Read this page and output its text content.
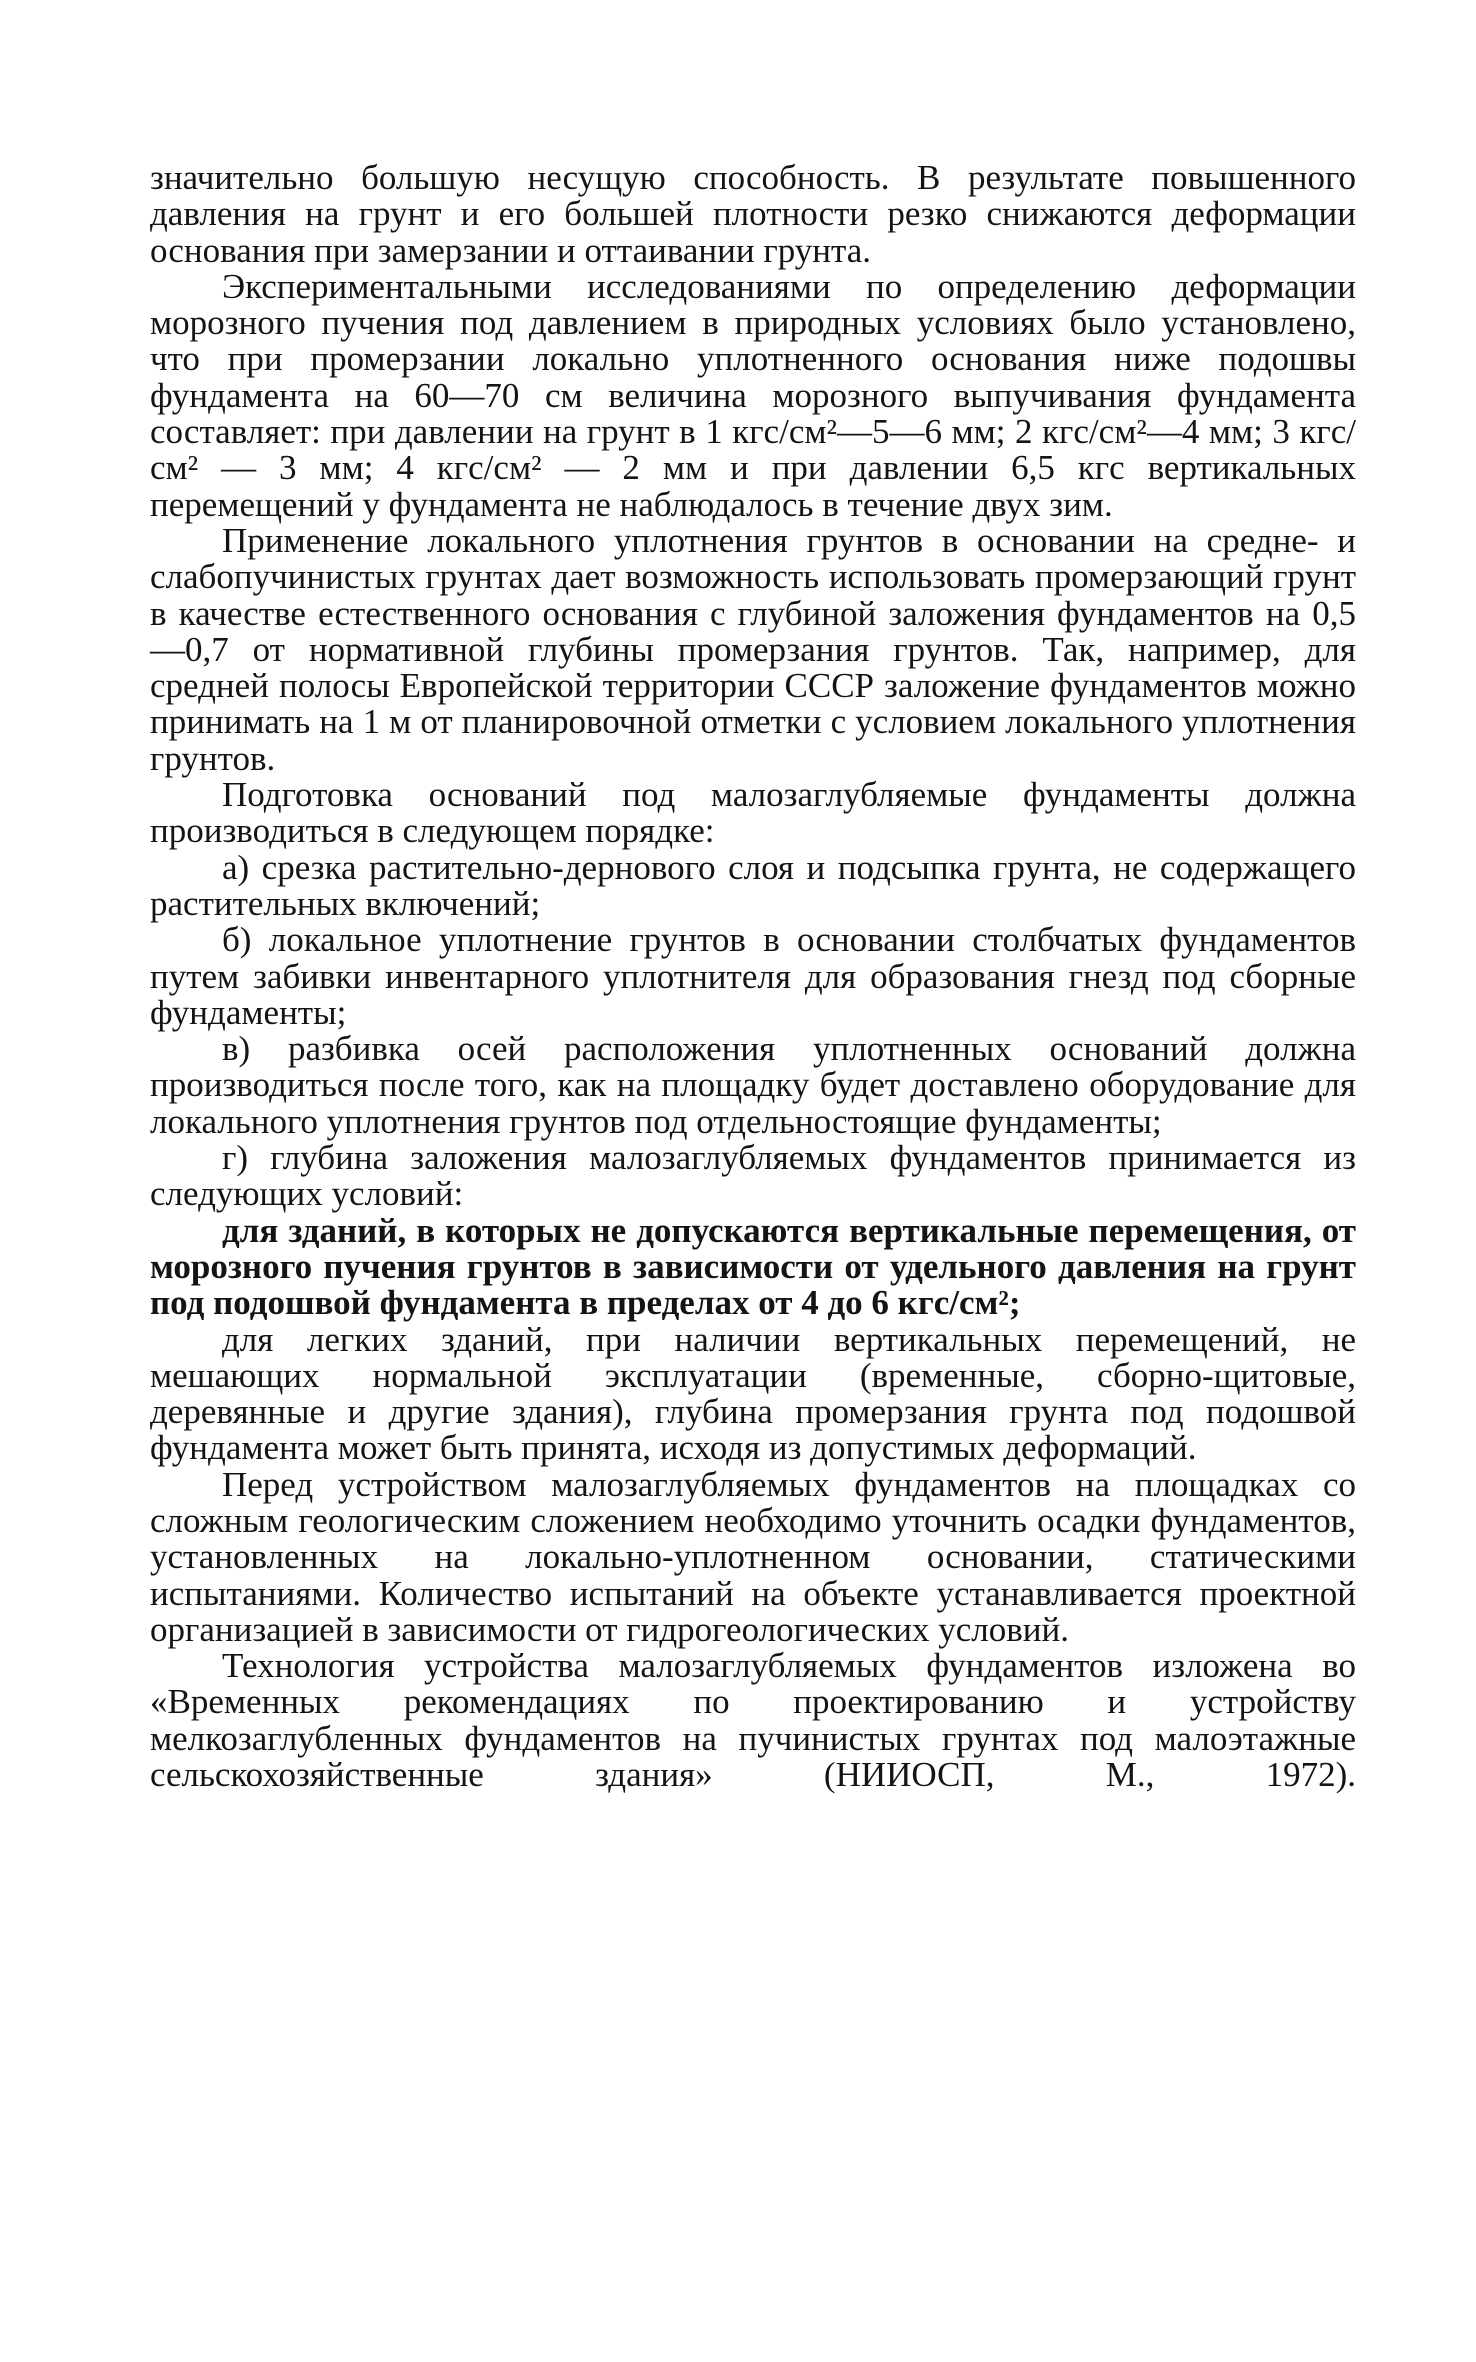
значительно большую несущую способность. В результате повышенного давления на грунт и его большей плотности резко снижаются деформации основания при замерзании и оттаивании грунта.

Экспериментальными исследованиями по определению деформации морозного пучения под давлением в природных условиях было установлено, что при промерзании локально уплотненного основания ниже подошвы фундамента на 60—70 см величина морозного выпучивания фундамента составляет: при давлении на грунт в 1 кгс/см²—5—6 мм; 2 кгс/см²—4 мм; 3 кгс/см² — 3 мм; 4 кгс/см² — 2 мм и при давлении 6,5 кгс вертикальных перемещений у фундамента не наблюдалось в течение двух зим.

Применение локального уплотнения грунтов в основании на средне- и слабопучинистых грунтах дает возможность использовать промерзающий грунт в качестве естественного основания с глубиной заложения фундаментов на 0,5—0,7 от нормативной глубины промерзания грунтов. Так, например, для средней полосы Европейской территории СССР заложение фундаментов можно принимать на 1 м от планировочной отметки с условием локального уплотнения грунтов.

Подготовка оснований под малозаглубляемые фундаменты должна производиться в следующем порядке:

а) срезка растительно-дернового слоя и подсыпка грунта, не содержащего растительных включений;

б) локальное уплотнение грунтов в основании столбчатых фундаментов путем забивки инвентарного уплотнителя для образования гнезд под сборные фундаменты;

в) разбивка осей расположения уплотненных оснований должна производиться после того, как на площадку будет доставлено оборудование для локального уплотнения грунтов под отдельностоящие фундаменты;

г) глубина заложения малозаглубляемых фундаментов принимается из следующих условий:

для зданий, в которых не допускаются вертикальные перемещения, от морозного пучения грунтов в зависимости от удельного давления на грунт под подошвой фундамента в пределах от 4 до 6 кгс/см²;

для легких зданий, при наличии вертикальных перемещений, не мешающих нормальной эксплуатации (временные, сборно-щитовые, деревянные и другие здания), глубина промерзания грунта под подошвой фундамента может быть принята, исходя из допустимых деформаций.

Перед устройством малозаглубляемых фундаментов на площадках со сложным геологическим сложением необходимо уточнить осадки фундаментов, установленных на локально-уплотненном основании, статическими испытаниями. Количество испытаний на объекте устанавливается проектной организацией в зависимости от гидрогеологических условий.

Технология устройства малозаглубляемых фундаментов изложена во «Временных рекомендациях по проектированию и устройству мелкозаглубленных фундаментов на пучинистых грунтах под малоэтажные сельскохозяйственные здания» (НИИОСП, М., 1972).
